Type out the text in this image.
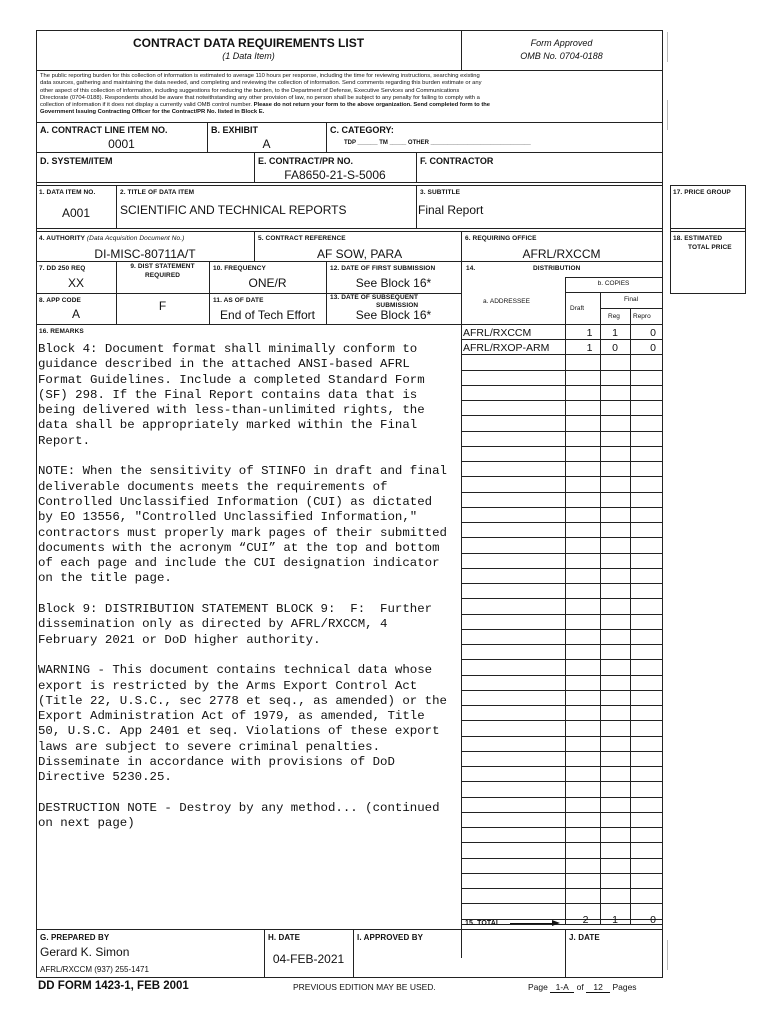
CONTRACT DATA REQUIREMENTS LIST
(1 Data Item)
Form Approved
OMB No. 0704-0188
The public reporting burden for this collection of information is estimated to average 110 hours per response, including the time for reviewing instructions, searching existing
data sources, gathering and maintaining the data needed, and completing and reviewing the collection of information. Send comments regarding this burden estimate or any
other aspect of this collection of information, including suggestions for reducing the burden, to the Department of Defense, Executive Services and Communications
Directorate (0704-0188). Respondents should be aware that notwithstanding any other provision of law, no person shall be subject to any penalty for failing to comply with a
collection of information if it does not display a currently valid OMB control number. Please do not return your form to the above organization. Send completed form to the
Government Issuing Contracting Officer for the Contract/PR No. listed in Block E.
A. CONTRACT LINE ITEM NO.
0001
B. EXHIBIT
A
C. CATEGORY:
TDP ______ TM _____ OTHER ______________________________
D. SYSTEM/ITEM	E. CONTRACT/PR NO.
FA8650-21-S-5006
F. CONTRACTOR
1. DATA ITEM NO.
A001
2. TITLE OF DATA ITEM
SCIENTIFIC AND TECHNICAL REPORTS
3. SUBTITLE
Final Report
4. AUTHORITY (Data Acquisition Document No.)
DI-MISC-80711A/T
5. CONTRACT REFERENCE
AF SOW, PARA
6. REQUIRING OFFICE
AFRL/RXCCM
7. DD 250 REQ
XX
8. APP CODE
A
9. DIST STATEMENT
REQUIRED
F
10. FREQUENCY
ONE/R
11. AS OF DATE
End of Tech Effort
12. DATE OF FIRST SUBMISSION
See Block 16*
13. DATE OF SUBSEQUENT
SUBMISSION
See Block 16*
14.	DISTRIBUTION
b. COPIES
Final
Draft
Reg Repro
a. ADDRESSEE
AFRL/RXCCM	1	1	0
AFRL/RXOP-ARM	1	0	0
15. TOTAL	2	1	0
16. REMARKS
Block 4: Document format shall minimally conform to
guidance described in the attached ANSI-based AFRL
Format Guidelines. Include a completed Standard Form
(SF) 298. If the Final Report contains data that is
being delivered with less-than-unlimited rights, the
data shall be appropriately marked within the Final
Report.

NOTE: When the sensitivity of STINFO in draft and final
deliverable documents meets the requirements of
Controlled Unclassified Information (CUI) as dictated
by EO 13556, "Controlled Unclassified Information,"
contractors must properly mark pages of their submitted
documents with the acronym “CUI” at the top and bottom
of each page and include the CUI designation indicator
on the title page.

Block 9: DISTRIBUTION STATEMENT BLOCK 9:  F:  Further
dissemination only as directed by AFRL/RXCCM, 4
February 2021 or DoD higher authority.

WARNING - This document contains technical data whose
export is restricted by the Arms Export Control Act
(Title 22, U.S.C., sec 2778 et seq., as amended) or the
Export Administration Act of 1979, as amended, Title
50, U.S.C. App 2401 et seq. Violations of these export
laws are subject to severe criminal penalties.
Disseminate in accordance with provisions of DoD
Directive 5230.25.

DESTRUCTION NOTE - Destroy by any method... (continued
on next page)
G. PREPARED BY
Gerard K. Simon
AFRL/RXCCM (937) 255-1471
H. DATE
04-FEB-2021
I. APPROVED BY	J. DATE
17. PRICE GROUP
18. ESTIMATED
TOTAL PRICE
DD FORM 1423-1, FEB 2001	PREVIOUS EDITION MAY BE USED.	Page 1-A of 12 Pages
